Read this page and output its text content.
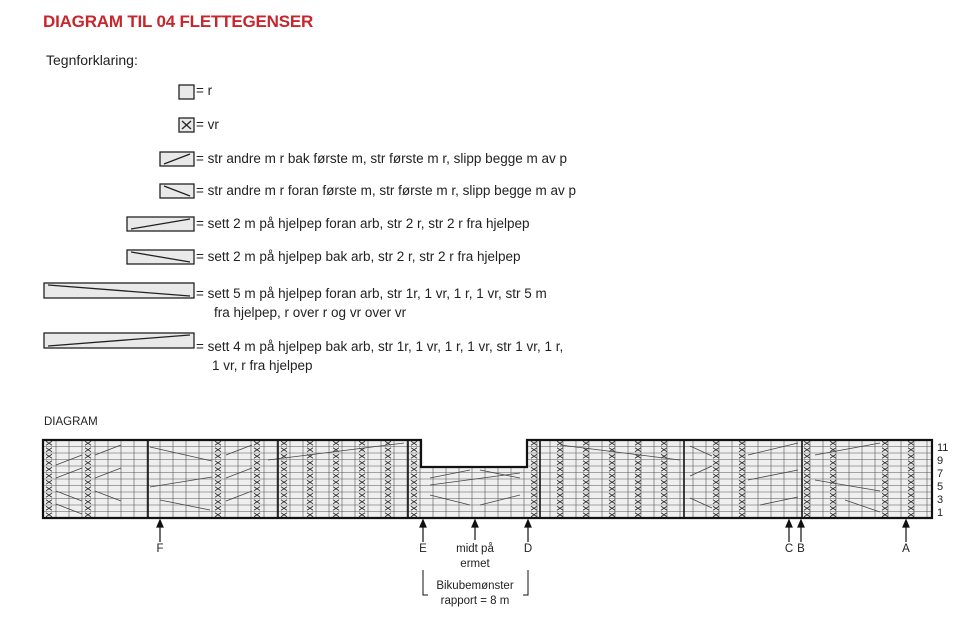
DIAGRAM TIL 04 FLETTEGENSER
Tegnforklaring:
= r
= vr
= str andre m r bak første m, str første m r, slipp begge m av p
= str andre m r foran første m, str første m r, slipp begge m av p
= sett 2 m på hjelpep foran arb, str 2 r, str 2 r fra hjelpep
= sett 2 m på hjelpep bak arb, str 2 r, str 2 r fra hjelpep
= sett 5 m på hjelpep foran arb, str 1r, 1 vr, 1 r, 1 vr, str 5 m
fra hjelpep, r over r og vr over vr
= sett 4 m på hjelpep bak arb, str 1r, 1 vr, 1 r, 1 vr, str 1 vr, 1 r,
1 vr, r fra hjelpep
DIAGRAM
F	E	D	C B	A
midt på
ermet
Bikubemønster
rapport = 8 m
11
9
7
5
3
1
